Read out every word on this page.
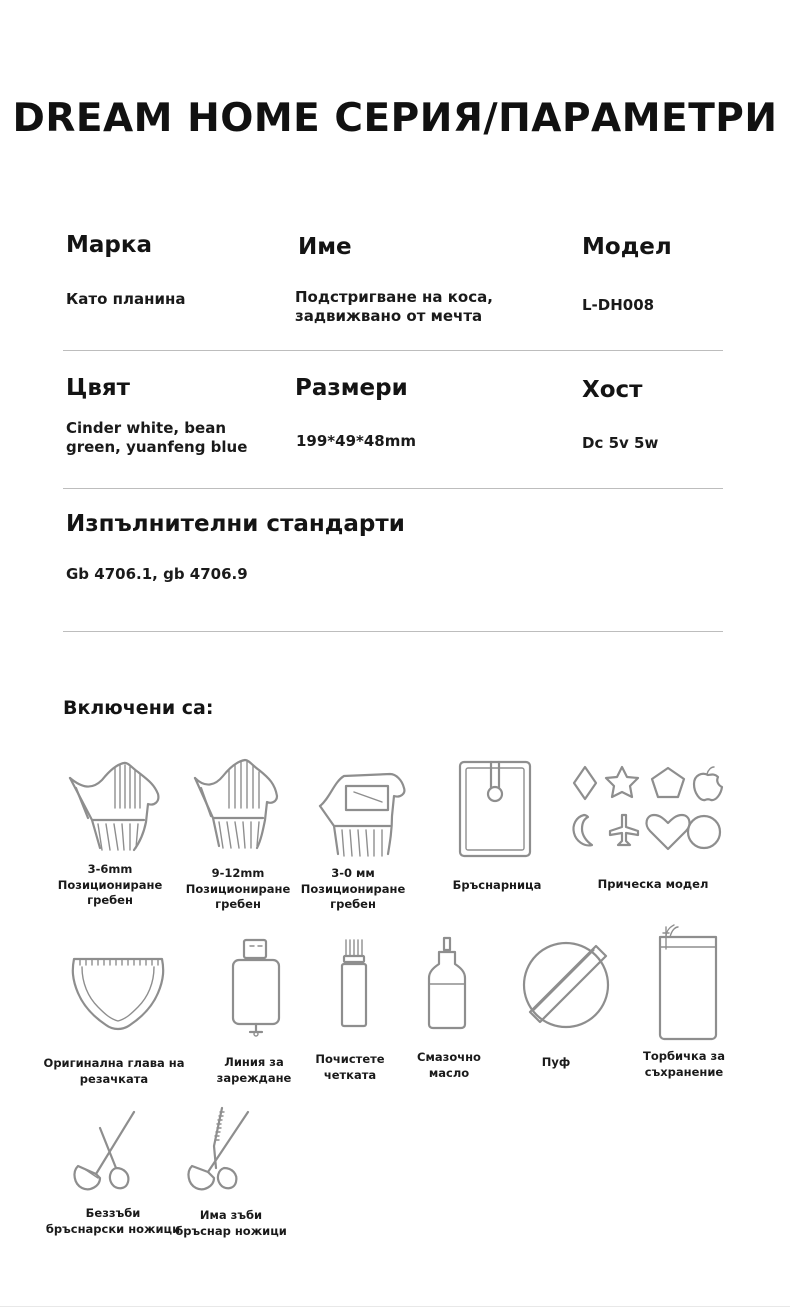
DREAM HOME СЕРИЯ/ПАРАМЕТРИ
Марка
Като планина
Име
Подстригване на коса,
задвижвано от мечта
Модел
L-DH008
Цвят
Cinder white, bean
green, yuanfeng blue
Размери
199*49*48mm
Хост
Dc 5v 5w
Изпълнителни стандарти
Gb 4706.1, gb 4706.9
Включени са:
3-6mm
Позициониране
гребен
9-12mm
Позициониране
гребен
3-0 мм
Позициониране
гребен
Бръснарница	Прическа модел
Оригинална глава на
резачката
Линия за
зареждане
Почистете
четката
Смазочно
масло
Пуф	Торбичка за
съхранение
Беззъби
бръснарски ножици
Има зъби
бръснар ножици
